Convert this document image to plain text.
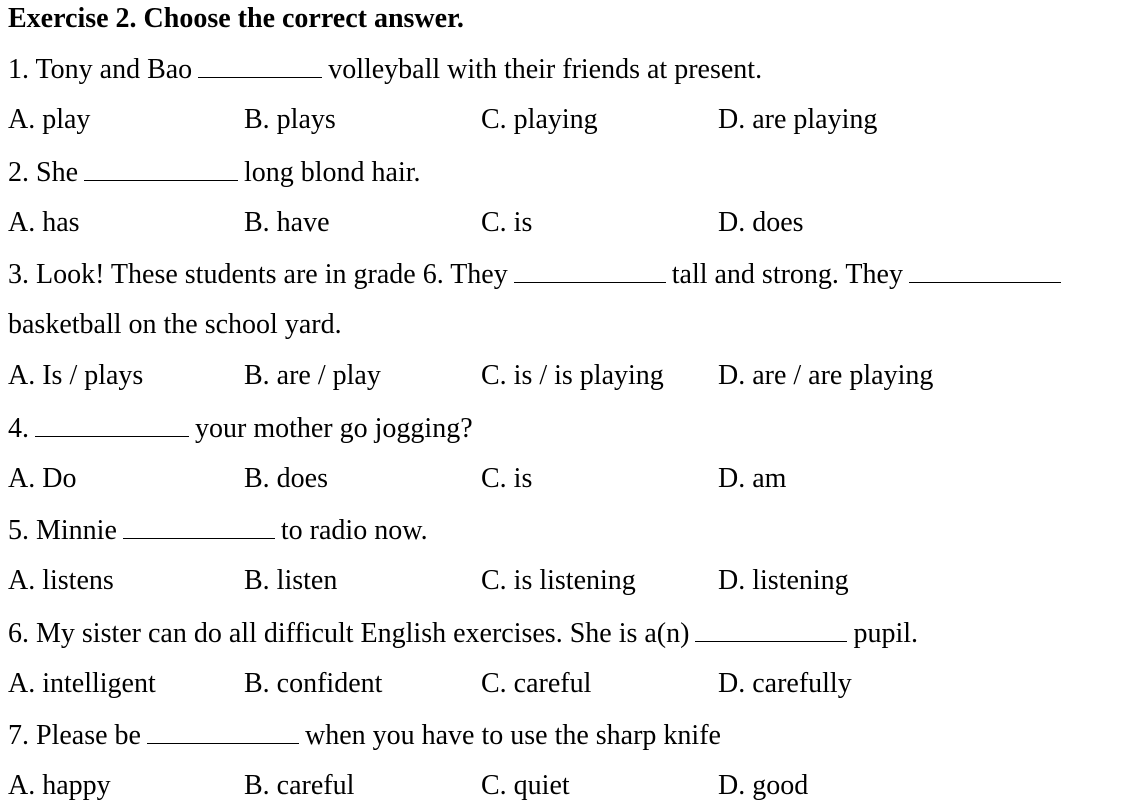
Exercise 2. Choose the correct answer.
1. Tony and Bao	volleyball with their friends at present.
A. play	B. plays	C. playing	D. are playing
2. She	long blond hair.
A. has	B. have	C. is	D. does
3. Look! These students are in grade 6. They	tall and strong. They
basketball on the school yard.
A. Is / plays	B. are / play	C. is / is playing D. are / are playing
4.	your mother go jogging?
A. Do	B. does	C. is	D. am
5. Minnie	to radio now.
A. listens	B. listen	C. is listening	D. listening
6. My sister can do all difficult English exercises. She is a(n)	pupil.
A. intelligent	B. confident	C. careful	D. carefully
7. Please be	when you have to use the sharp knife
A. happy	B. careful	C. quiet	D. good
